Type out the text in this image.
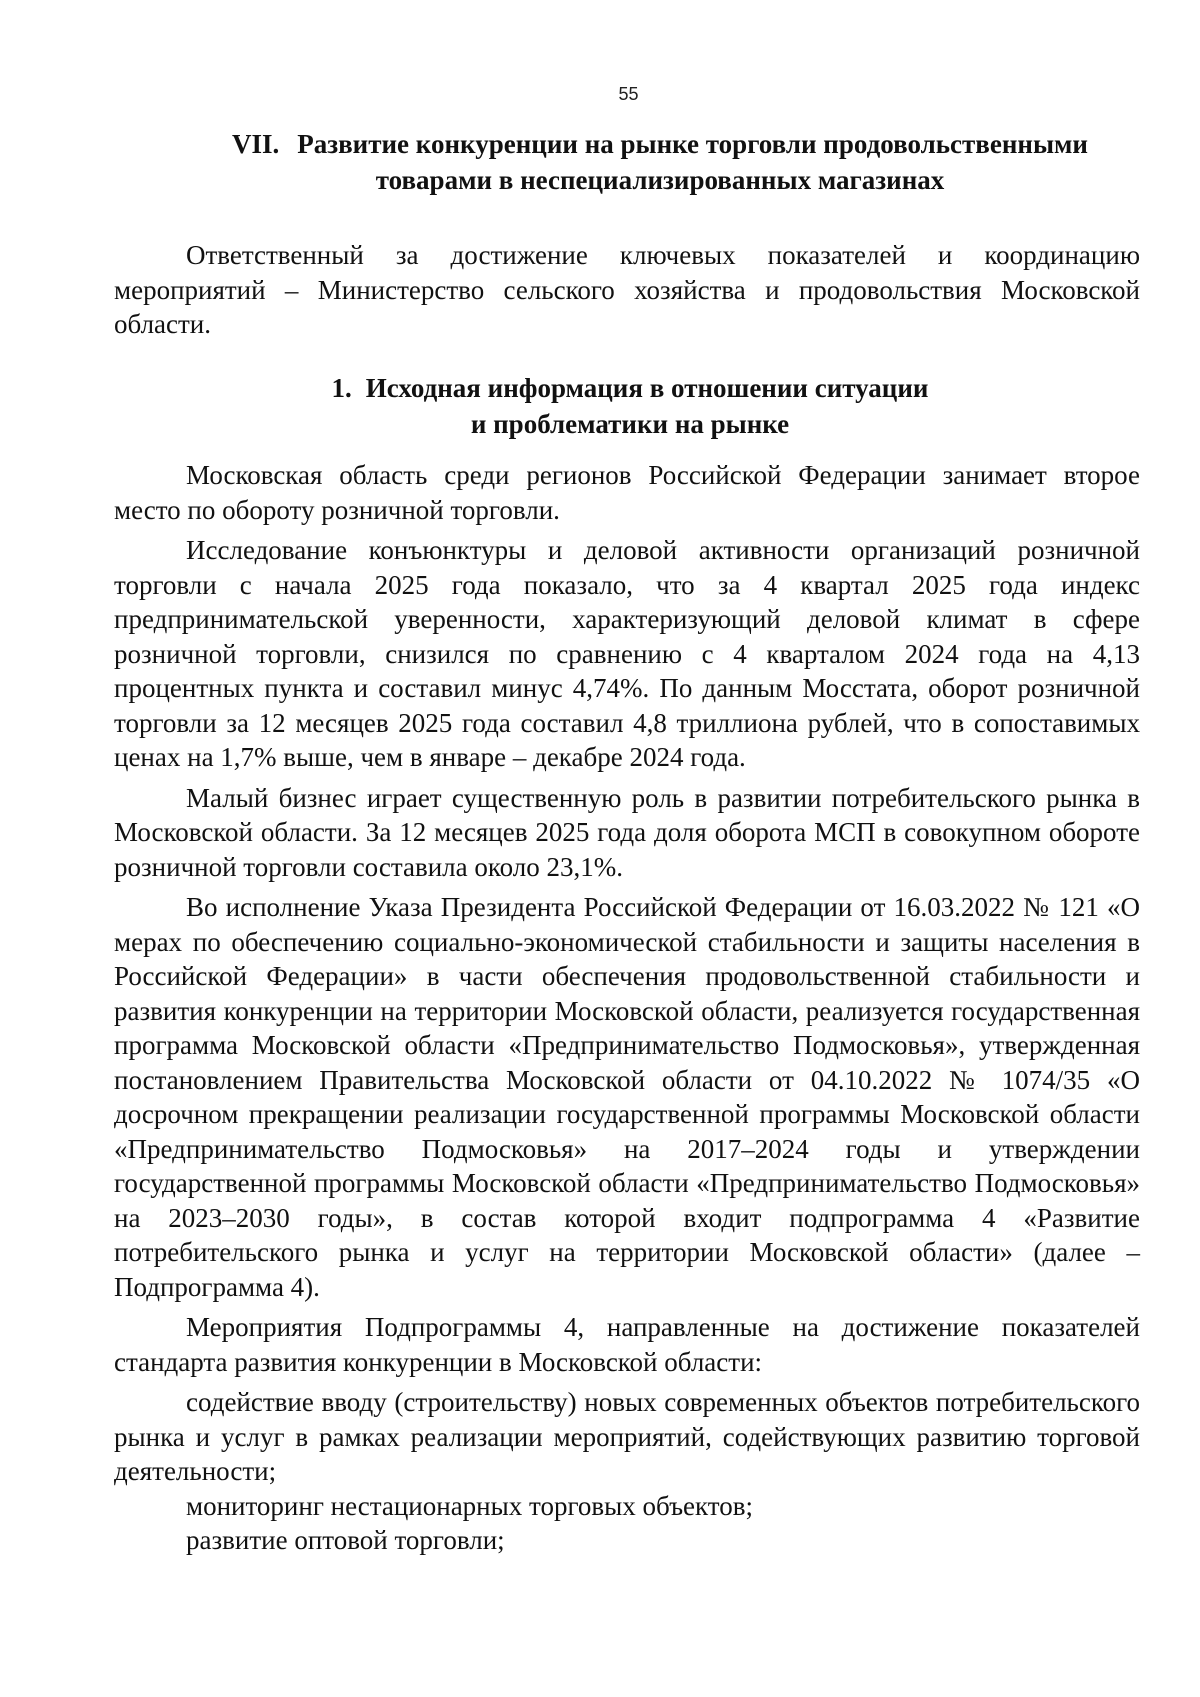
55
VII. Развитие конкуренции на рынке торговли продовольственными
товарами в неспециализированных магазинах

Ответственный за достижение ключевых показателей и координацию мероприятий – Министерство сельского хозяйства и продовольствия Московской области.

1. Исходная информация в отношении ситуации
и проблематики на рынке

Московская область среди регионов Российской Федерации занимает второе место по обороту розничной торговли.

Исследование конъюнктуры и деловой активности организаций розничной торговли с начала 2025 года показало, что за 4 квартал 2025 года индекс предпринимательской уверенности, характеризующий деловой климат в сфере розничной торговли, снизился по сравнению с 4 кварталом 2024 года на 4,13 процентных пункта и составил минус 4,74%. По данным Мосстата, оборот розничной торговли за 12 месяцев 2025 года составил 4,8 триллиона рублей, что в сопоставимых ценах на 1,7% выше, чем в январе – декабре 2024 года.

Малый бизнес играет существенную роль в развитии потребительского рынка в Московской области. За 12 месяцев 2025 года доля оборота МСП в совокупном обороте розничной торговли составила около 23,1%.

Во исполнение Указа Президента Российской Федерации от 16.03.2022 № 121 «О мерах по обеспечению социально-экономической стабильности и защиты населения в Российской Федерации» в части обеспечения продовольственной стабильности и развития конкуренции на территории Московской области, реализуется государственная программа Московской области «Предпринимательство Подмосковья», утвержденная постановлением Правительства Московской области от 04.10.2022 № 1074/35 «О досрочном прекращении реализации государственной программы Московской области «Предпринимательство Подмосковья» на 2017–2024 годы и утверждении государственной программы Московской области «Предпринимательство Подмосковья» на 2023–2030 годы», в состав которой входит подпрограмма 4 «Развитие потребительского рынка и услуг на территории Московской области» (далее – Подпрограмма 4).

Мероприятия Подпрограммы 4, направленные на достижение показателей стандарта развития конкуренции в Московской области:

содействие вводу (строительству) новых современных объектов потребительского рынка и услуг в рамках реализации мероприятий, содействующих развитию торговой деятельности;

мониторинг нестационарных торговых объектов;

развитие оптовой торговли;
